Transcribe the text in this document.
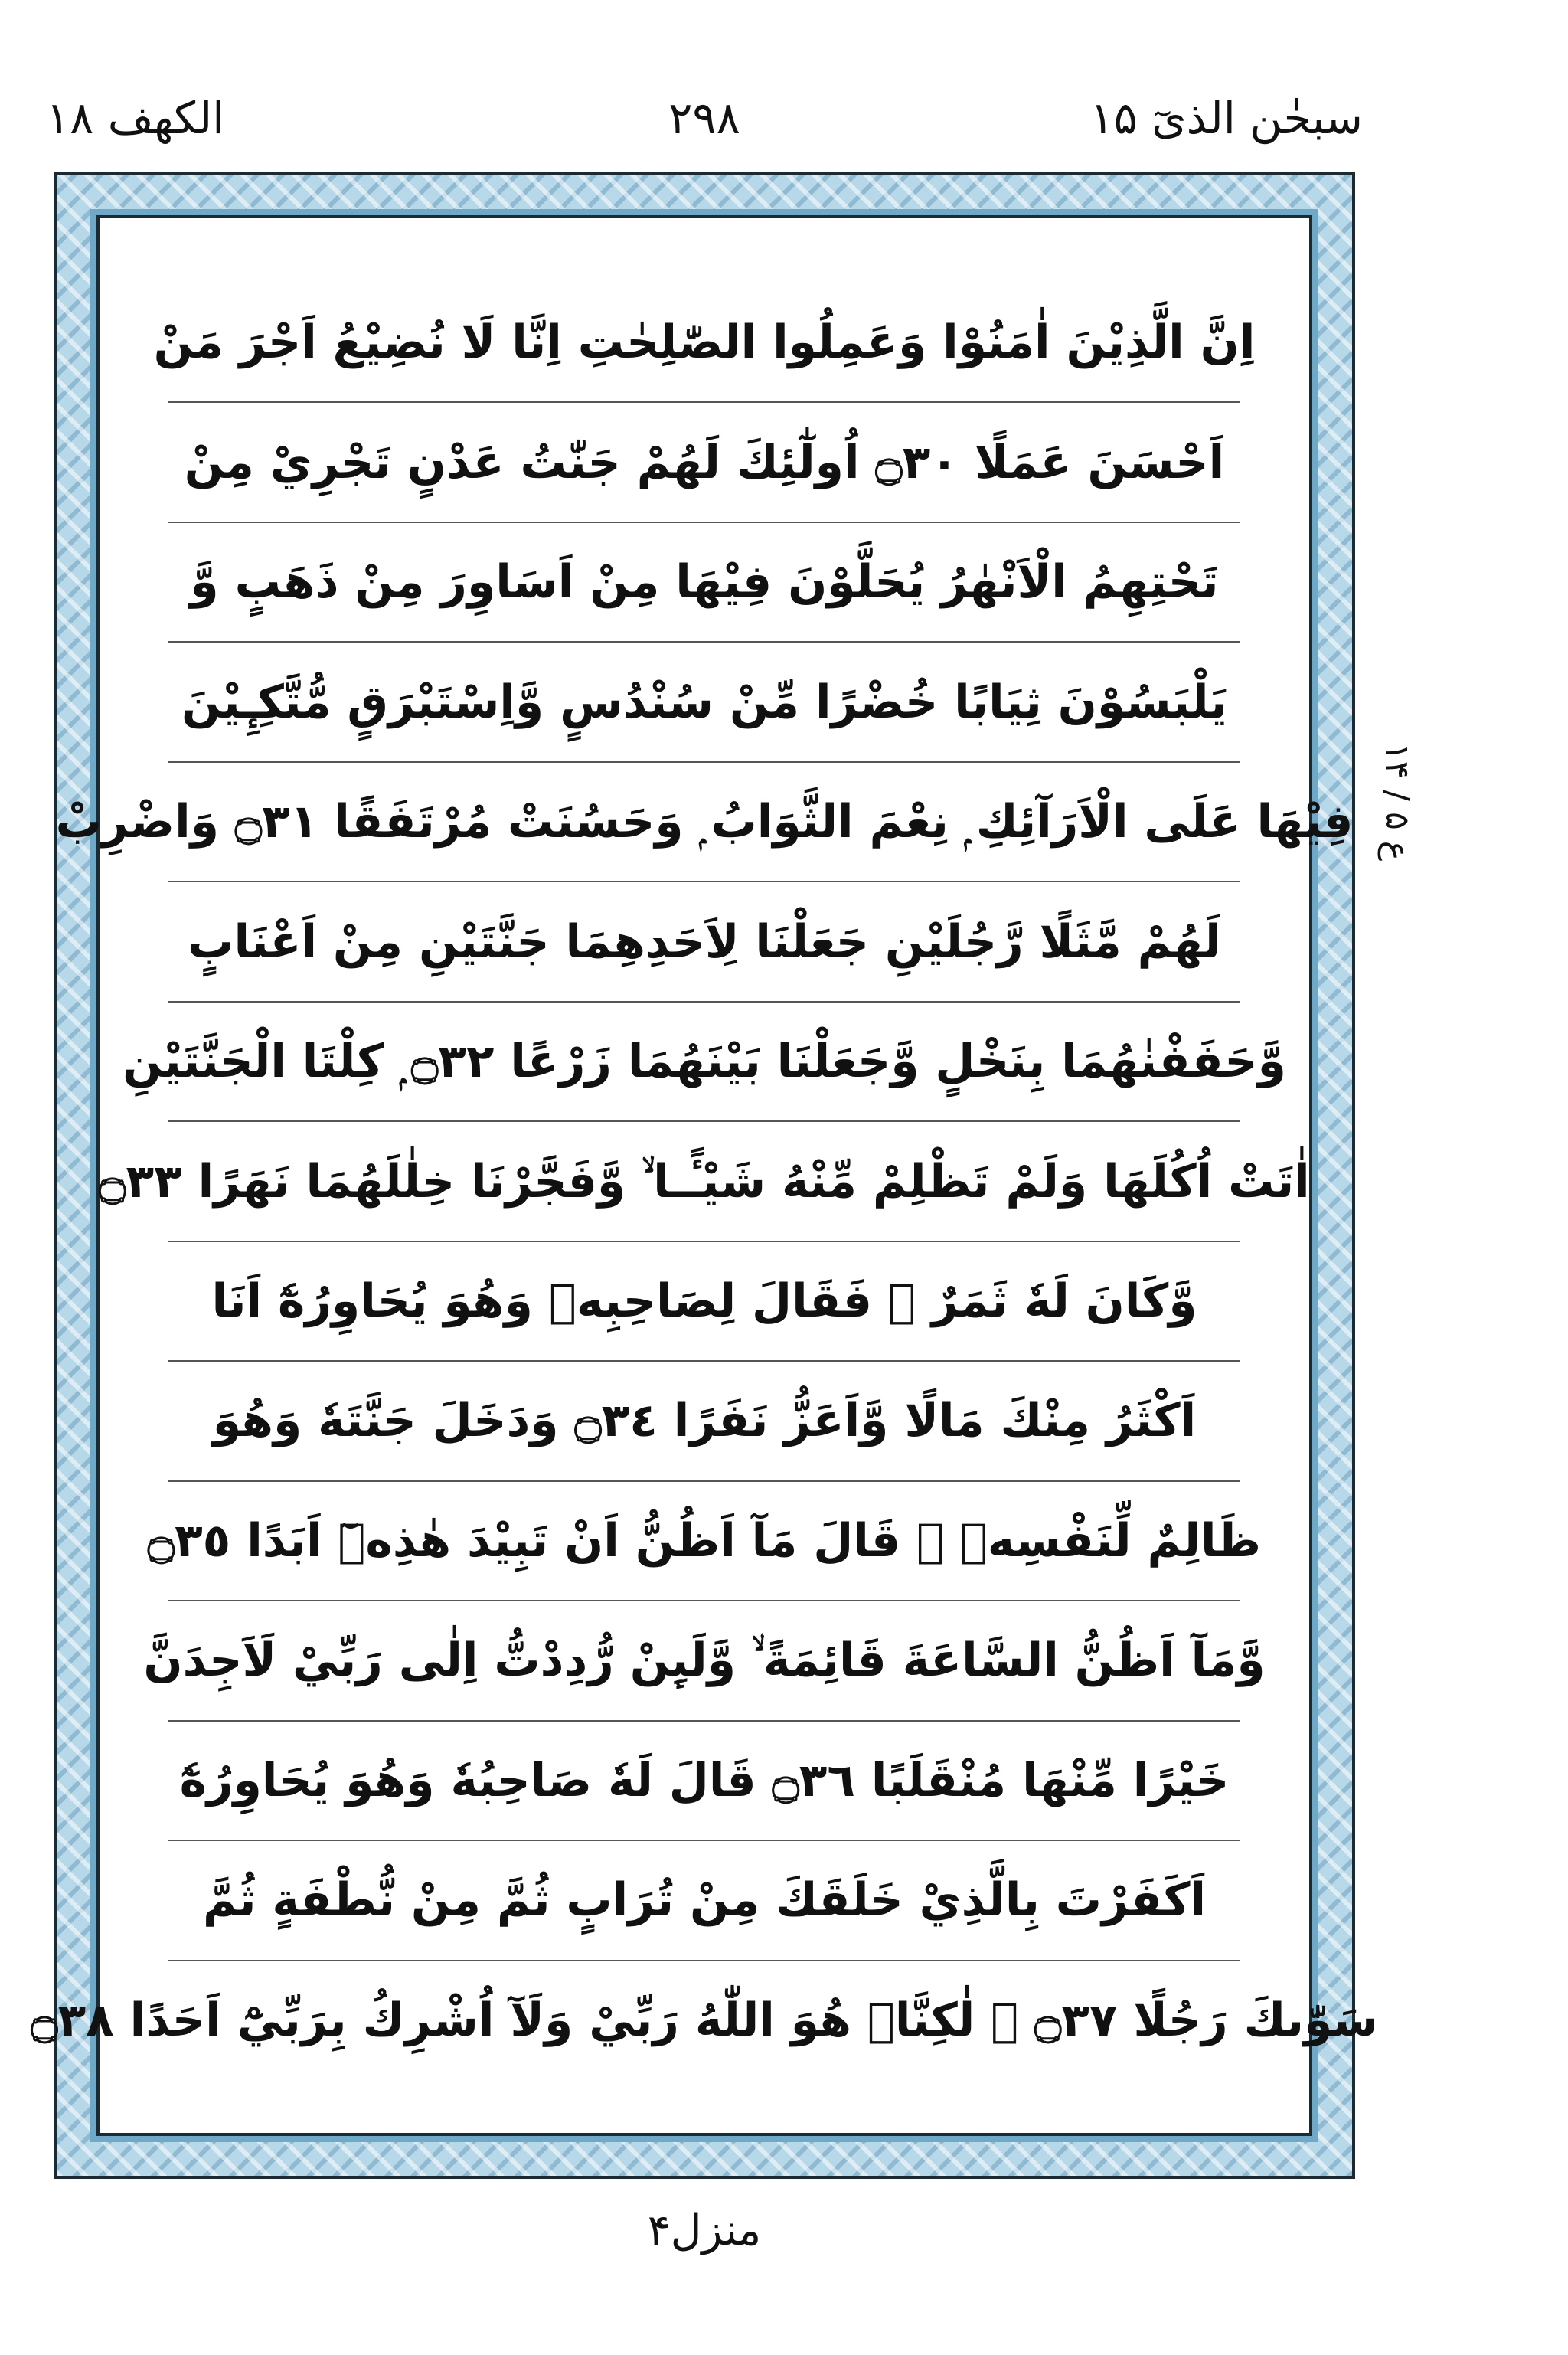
الکھف ۱۸	۲۹۸	سبحٰن الذیٓ ۱۵
اِنَّ الَّذِيْنَ اٰمَنُوْا وَعَمِلُوا الصّٰلِحٰتِ اِنَّا لَا نُضِيْعُ اَجْرَ مَنْ
اَحْسَنَ عَمَلًا ۝٣٠ اُولٰٓئِكَ لَهُمْ جَنّٰتُ عَدْنٍ تَجْرِيْ مِنْ
تَحْتِهِمُ الْاَنْهٰرُ يُحَلَّوْنَ فِيْهَا مِنْ اَسَاوِرَ مِنْ ذَهَبٍ وَّ
يَلْبَسُوْنَ ثِيَابًا خُضْرًا مِّنْ سُنْدُسٍ وَّاِسْتَبْرَقٍ مُّتَّكِـِٕيْنَ
فِيْهَا عَلَى الْاَرَآئِكِ ۭ نِعْمَ الثَّوَابُ ۭ وَحَسُنَتْ مُرْتَفَقًا ۝٣١ وَاضْرِبْ
لَهُمْ مَّثَلًا رَّجُلَيْنِ جَعَلْنَا لِاَحَدِهِمَا جَنَّتَيْنِ مِنْ اَعْنَابٍ
وَّحَفَفْنٰهُمَا بِنَخْلٍ وَّجَعَلْنَا بَيْنَهُمَا زَرْعًا ۝٣٢ ۭ كِلْتَا الْجَنَّتَيْنِ
اٰتَتْ اُكُلَهَا وَلَمْ تَظْلِمْ مِّنْهُ شَيْـًٔـا ۙ وَّفَجَّرْنَا خِلٰلَهُمَا نَهَرًا ۝٣٣
وَّكَانَ لَهٗ ثَمَرٌ ۚ فَقَالَ لِصَاحِبِهٖ وَهُوَ يُحَاوِرُهٗٓ اَنَا
اَكْثَرُ مِنْكَ مَالًا وَّاَعَزُّ نَفَرًا ۝٣٤ وَدَخَلَ جَنَّتَهٗ وَهُوَ
ظَالِمٌ لِّنَفْسِهٖ ۚ قَالَ مَآ اَظُنُّ اَنْ تَبِيْدَ هٰذِهٖٓ اَبَدًا ۝٣٥
وَّمَآ اَظُنُّ السَّاعَةَ قَائِمَةً ۙ وَّلَىِٕنْ رُّدِدْتُّ اِلٰى رَبِّيْ لَاَجِدَنَّ
خَيْرًا مِّنْهَا مُنْقَلَبًا ۝٣٦ قَالَ لَهٗ صَاحِبُهٗ وَهُوَ يُحَاوِرُهٗٓ
اَكَفَرْتَ بِالَّذِيْ خَلَقَكَ مِنْ تُرَابٍ ثُمَّ مِنْ نُّطْفَةٍ ثُمَّ
سَوّٰىكَ رَجُلًا ۝٣٧ ۭ لٰكِنَّا۟ هُوَ اللّٰهُ رَبِّيْ وَلَآ اُشْرِكُ بِرَبِّيْٓ اَحَدًا ۝٣٨
ع ۵ / ۱۴
منزل۴
